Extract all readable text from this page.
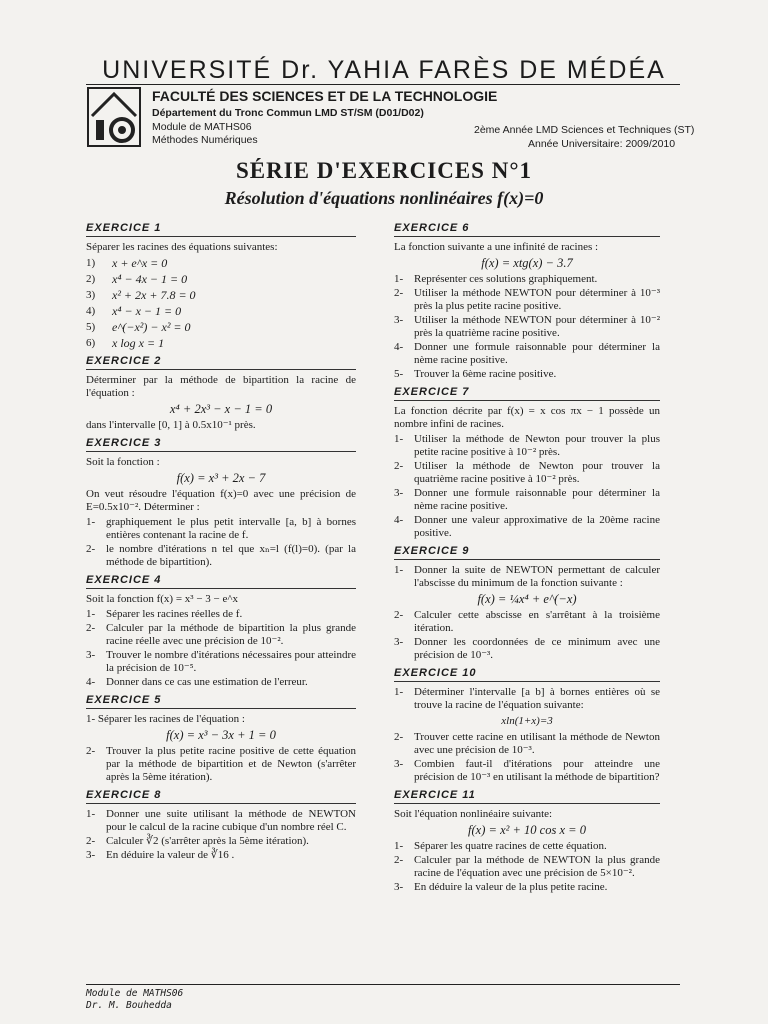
UNIVERSITÉ Dr. YAHIA FARÈS DE MÉDÉA
FACULTÉ DES SCIENCES ET DE LA TECHNOLOGIE
Département du Tronc Commun LMD ST/SM (D01/D02)
Module de MATHS06
Méthodes Numériques
2ème Année LMD Sciences et Techniques (ST)
Année Universitaire: 2009/2010
SÉRIE D'EXERCICES N°1
Résolution d'équations nonlinéaires f(x)=0
EXERCICE 1
Séparer les racines des équations suivantes:
1)	x + e^x = 0
2)	x⁴ − 4x − 1 = 0
3)	x² + 2x + 7.8 = 0
4)	x⁴ − x − 1 = 0
5)	e^(−x²) − x² = 0
6)	x log x = 1
EXERCICE 2
Déterminer par la méthode de bipartition la racine de l'équation :
x⁴ + 2x³ − x − 1 = 0
dans l'intervalle [0, 1] à 0.5x10⁻¹ près.
EXERCICE 3
Soit la fonction :
f(x) = x³ + 2x − 7
On veut résoudre l'équation f(x)=0 avec une précision de E=0.5x10⁻². Déterminer :
1- graphiquement le plus petit intervalle [a, b] à bornes entières contenant la racine de f.
2- le nombre d'itérations n tel que xₙ=l (f(l)=0). (par la méthode de bipartition).
EXERCICE 4
Soit la fonction f(x) = x³ − 3 − e^x
1- Séparer les racines réelles de f.
2- Calculer par la méthode de bipartition la plus grande racine réelle avec une précision de 10⁻².
3- Trouver le nombre d'itérations nécessaires pour atteindre la précision de 10⁻⁵.
4- Donner dans ce cas une estimation de l'erreur.
EXERCICE 5
1- Séparer les racines de l'équation :
f(x) = x³ − 3x + 1 = 0
2- Trouver la plus petite racine positive de cette équation par la méthode de bipartition et de Newton (s'arrêter après la 5ème itération).
EXERCICE 8
1- Donner une suite utilisant la méthode de NEWTON pour le calcul de la racine cubique d'un nombre réel C.
2- Calculer ∛2 (s'arrêter après la 5ème itération).
3- En déduire la valeur de ∛16 .
EXERCICE 6
La fonction suivante a une infinité de racines :
f(x) = xtg(x) − 3.7
1- Représenter ces solutions graphiquement.
2- Utiliser la méthode NEWTON pour déterminer à 10⁻³ près la plus petite racine positive.
3- Utiliser la méthode NEWTON pour déterminer à 10⁻² près la quatrième racine positive.
4- Donner une formule raisonnable pour déterminer la nème racine positive.
5- Trouver la 6ème racine positive.
EXERCICE 7
La fonction décrite par f(x) = x cos πx − 1 possède un nombre infini de racines.
1- Utiliser la méthode de Newton pour trouver la plus petite racine positive à 10⁻² près.
2- Utiliser la méthode de Newton pour trouver la quatrième racine positive à 10⁻² près.
3- Donner une formule raisonnable pour déterminer la nème racine positive.
4- Donner une valeur approximative de la 20ème racine positive.
EXERCICE 9
1- Donner la suite de NEWTON permettant de calculer l'abscisse du minimum de la fonction suivante :
f(x) = ¼x⁴ + e^(−x)
2- Calculer cette abscisse en s'arrêtant à la troisième itération.
3- Donner les coordonnées de ce minimum avec une précision de 10⁻³.
EXERCICE 10
1- Déterminer l'intervalle [a b] à bornes entières où se trouve la racine de l'équation suivante:
xln(1+x)=3
2- Trouver cette racine en utilisant la méthode de Newton avec une précision de 10⁻³.
3- Combien faut-il d'itérations pour atteindre une précision de 10⁻³ en utilisant la méthode de bipartition?
EXERCICE 11
Soit l'équation nonlinéaire suivante:
f(x) = x² + 10 cos x = 0
1- Séparer les quatre racines de cette équation.
2- Calculer par la méthode de NEWTON la plus grande racine de l'équation avec une précision de 5×10⁻².
3- En déduire la valeur de la plus petite racine.
Module de MATHS06
Dr. M. Bouhedda
